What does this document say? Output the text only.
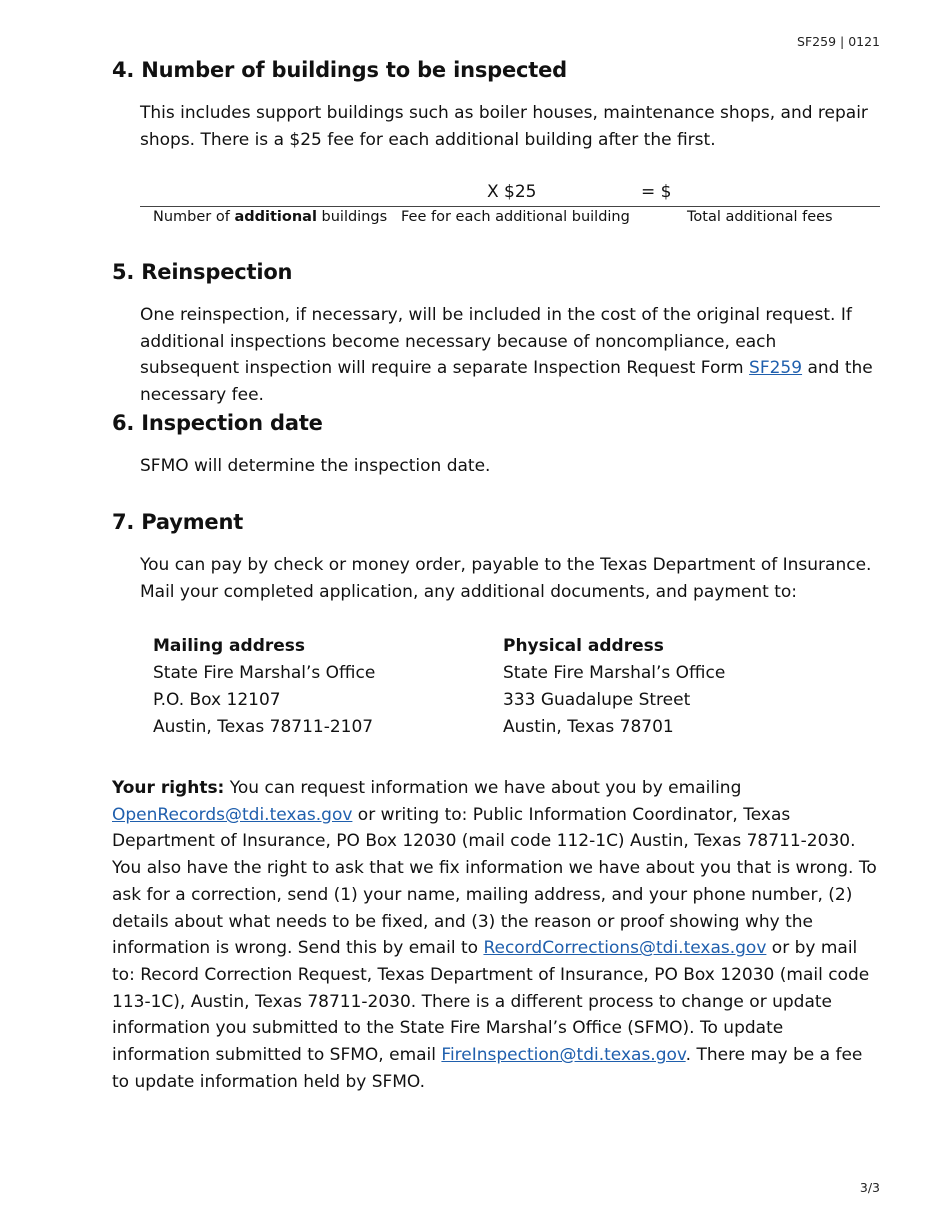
SF259 | 0121
4. Number of buildings to be inspected

This includes support buildings such as boiler houses, maintenance shops, and repair shops. There is a $25 fee for each additional building after the first.

X $25	= $
Number of additional buildings Fee for each additional building	Total additional fees
5. Reinspection

One reinspection, if necessary, will be included in the cost of the original request. If additional inspections become necessary because of noncompliance, each subsequent inspection will require a separate Inspection Request Form SF259 and the necessary fee.

6. Inspection date

SFMO will determine the inspection date.

7. Payment

You can pay by check or money order, payable to the Texas Department of Insurance. Mail your completed application, any additional documents, and payment to:

Mailing address
State Fire Marshal’s Office
P.O. Box 12107
Austin, Texas 78711-2107
Physical address
State Fire Marshal’s Office
333 Guadalupe Street
Austin, Texas 78701

Your rights: You can request information we have about you by emailing OpenRecords@tdi.texas.gov or writing to: Public Information Coordinator, Texas Department of Insurance, PO Box 12030 (mail code 112-1C) Austin, Texas 78711-2030. You also have the right to ask that we fix information we have about you that is wrong. To ask for a correction, send (1) your name, mailing address, and your phone number, (2) details about what needs to be fixed, and (3) the reason or proof showing why the information is wrong. Send this by email to RecordCorrections@tdi.texas.gov or by mail to: Record Correction Request, Texas Department of Insurance, PO Box 12030 (mail code 113-1C), Austin, Texas 78711-2030. There is a different process to change or update information you submitted to the State Fire Marshal’s Office (SFMO). To update information submitted to SFMO, email FireInspection@tdi.texas.gov. There may be a fee to update information held by SFMO.

3/3
